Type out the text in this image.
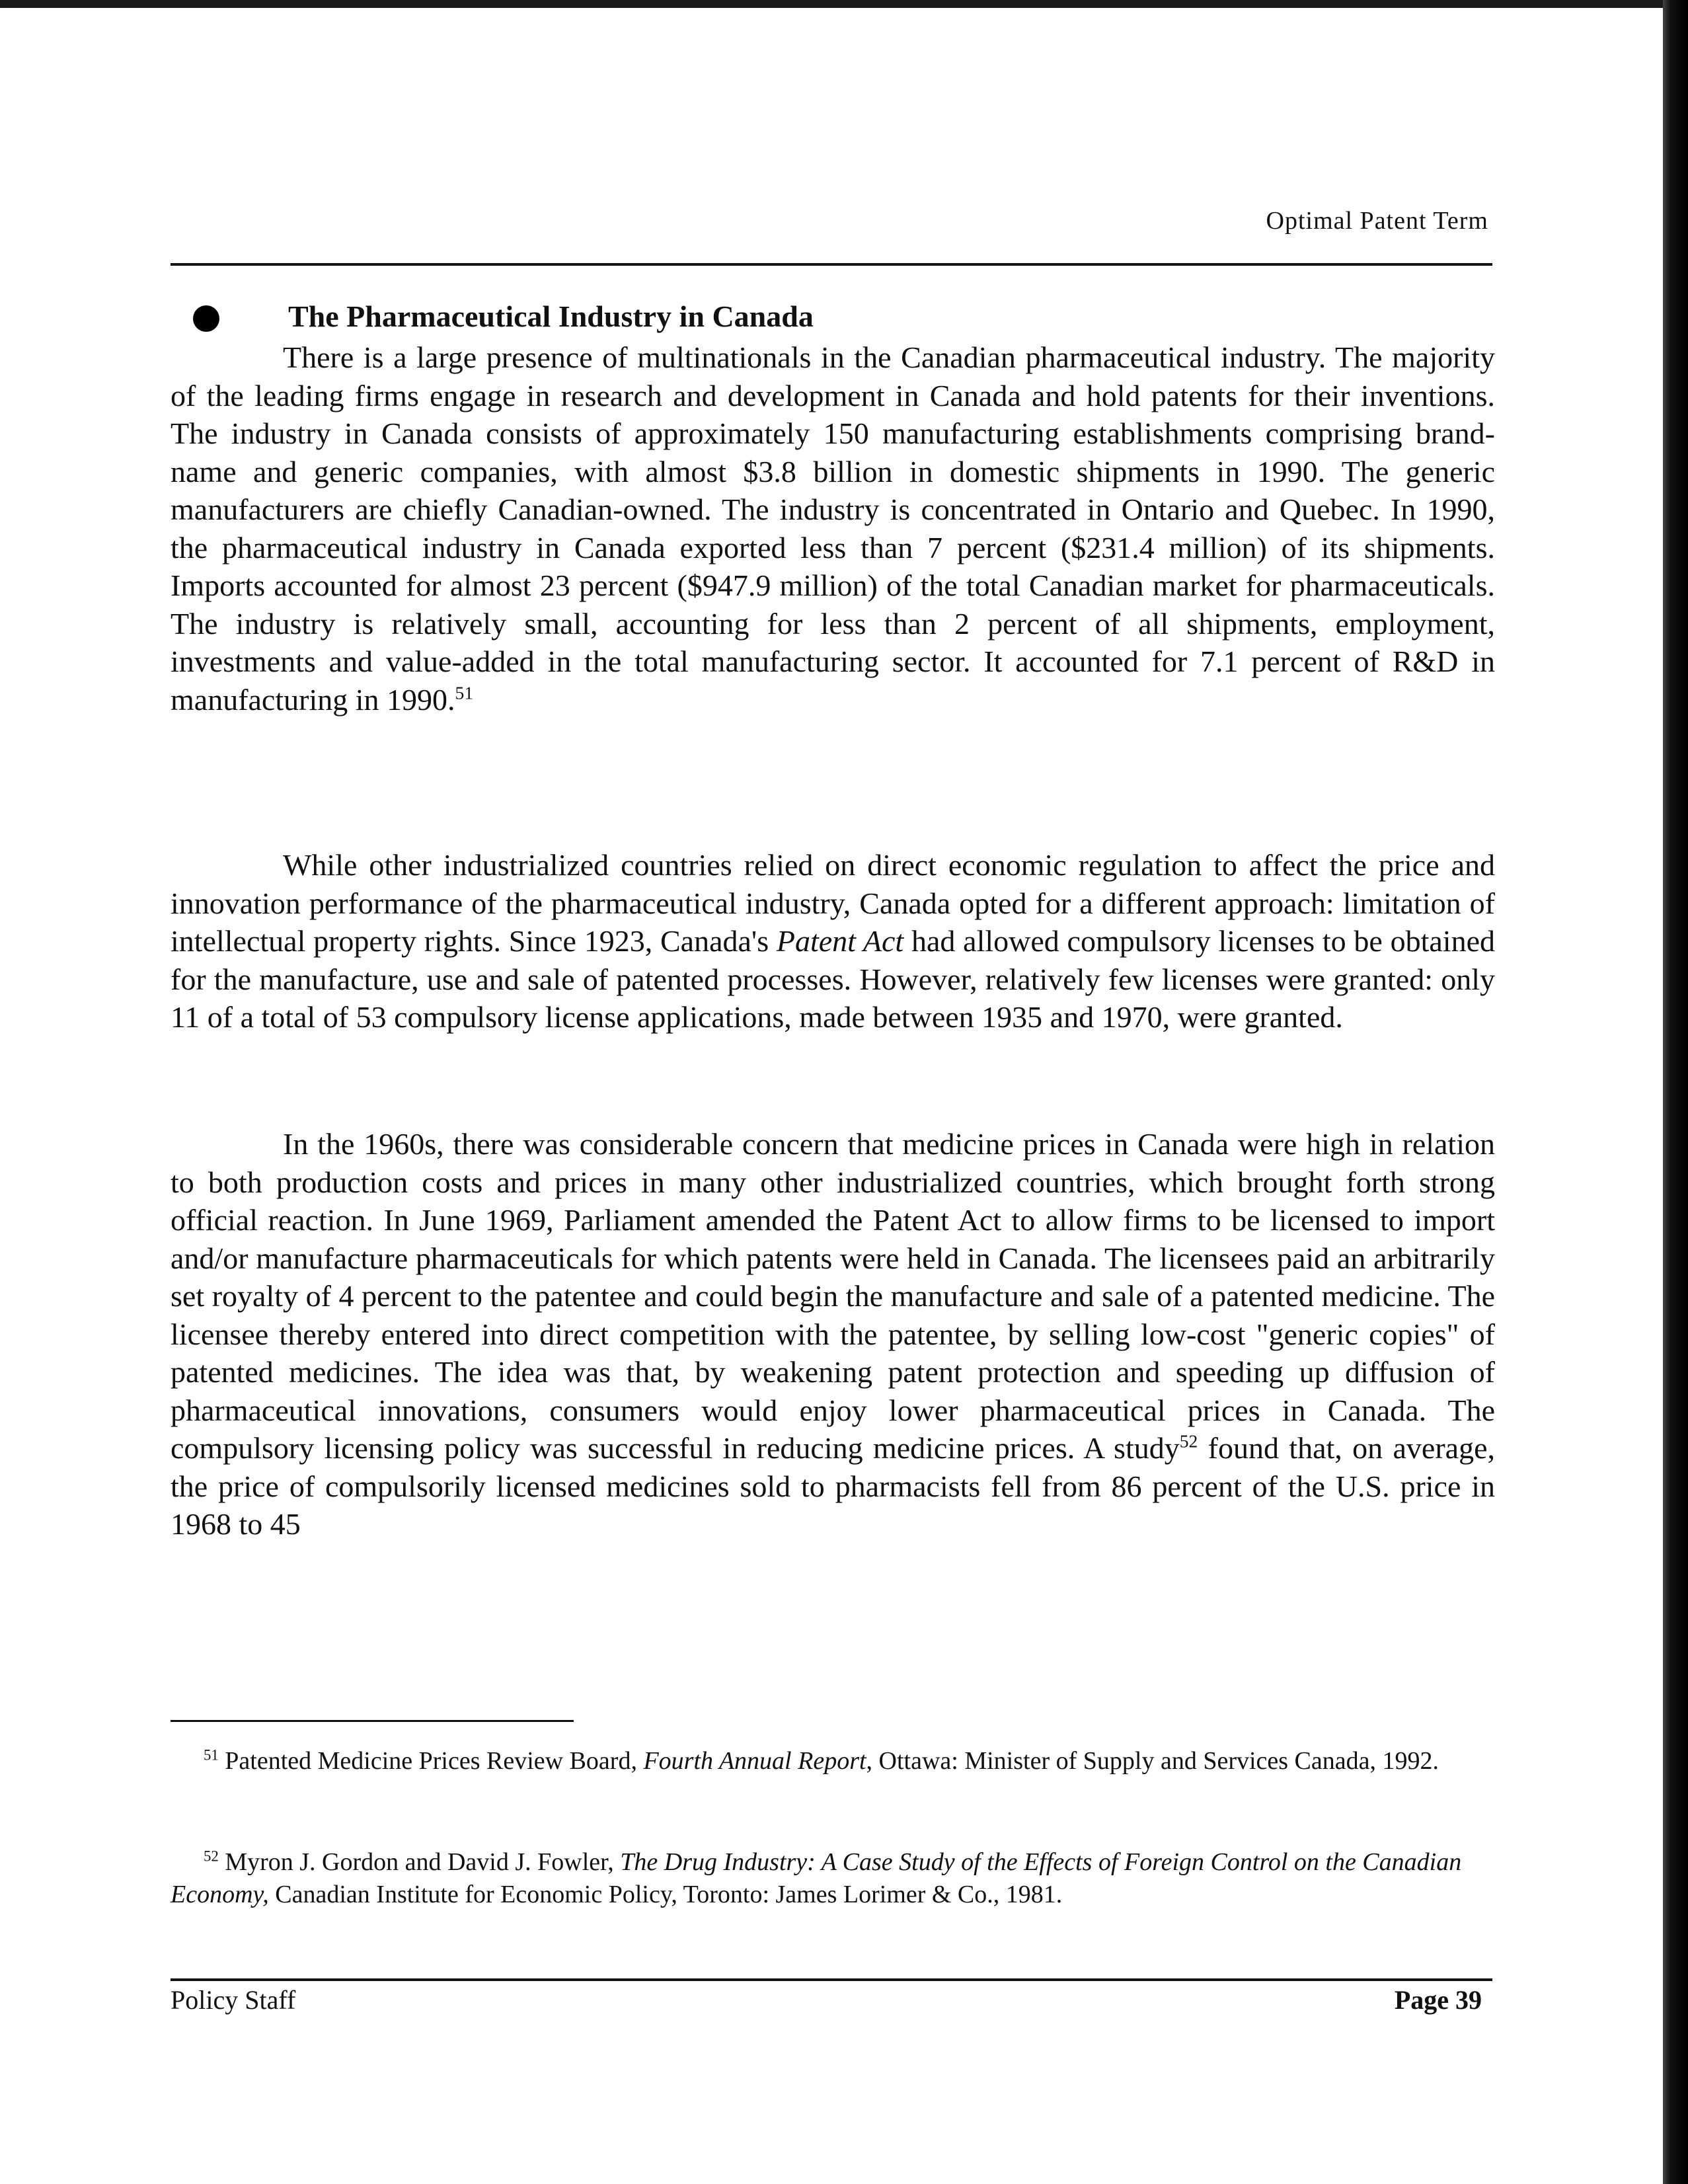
Optimal Patent Term
The Pharmaceutical Industry in Canada

There is a large presence of multinationals in the Canadian pharmaceutical industry. The majority of the leading firms engage in research and development in Canada and hold patents for their inventions. The industry in Canada consists of approximately 150 manufacturing establishments comprising brand-name and generic companies, with almost $3.8 billion in domestic shipments in 1990. The generic manufacturers are chiefly Canadian-owned. The industry is concentrated in Ontario and Quebec. In 1990, the pharmaceutical industry in Canada exported less than 7 percent ($231.4 million) of its shipments. Imports accounted for almost 23 percent ($947.9 million) of the total Canadian market for pharmaceuticals. The industry is relatively small, accounting for less than 2 percent of all shipments, employment, investments and value-added in the total manufacturing sector. It accounted for 7.1 percent of R&D in manufacturing in 1990.51

While other industrialized countries relied on direct economic regulation to affect the price and innovation performance of the pharmaceutical industry, Canada opted for a different approach: limitation of intellectual property rights. Since 1923, Canada's Patent Act had allowed compulsory licenses to be obtained for the manufacture, use and sale of patented processes. However, relatively few licenses were granted: only 11 of a total of 53 compulsory license applications, made between 1935 and 1970, were granted.

In the 1960s, there was considerable concern that medicine prices in Canada were high in relation to both production costs and prices in many other industrialized countries, which brought forth strong official reaction. In June 1969, Parliament amended the Patent Act to allow firms to be licensed to import and/or manufacture pharmaceuticals for which patents were held in Canada. The licensees paid an arbitrarily set royalty of 4 percent to the patentee and could begin the manufacture and sale of a patented medicine. The licensee thereby entered into direct competition with the patentee, by selling low-cost "generic copies" of patented medicines. The idea was that, by weakening patent protection and speeding up diffusion of pharmaceutical innovations, consumers would enjoy lower pharmaceutical prices in Canada. The compulsory licensing policy was successful in reducing medicine prices. A study$^{52}$ found that, on average, the price of compulsorily licensed medicines sold to pharmacists fell from 86 percent of the U.S. price in 1968 to 45

$^{51}$ Patented Medicine Prices Review Board, Fourth Annual Report, Ottawa: Minister of Supply and Services Canada, 1992.

$^{52}$ Myron J. Gordon and David J. Fowler, The Drug Industry: A Case Study of the Effects of Foreign Control on the Canadian Economy, Canadian Institute for Economic Policy, Toronto: James Lorimer & Co., 1981.

Policy Staff	Page 39
